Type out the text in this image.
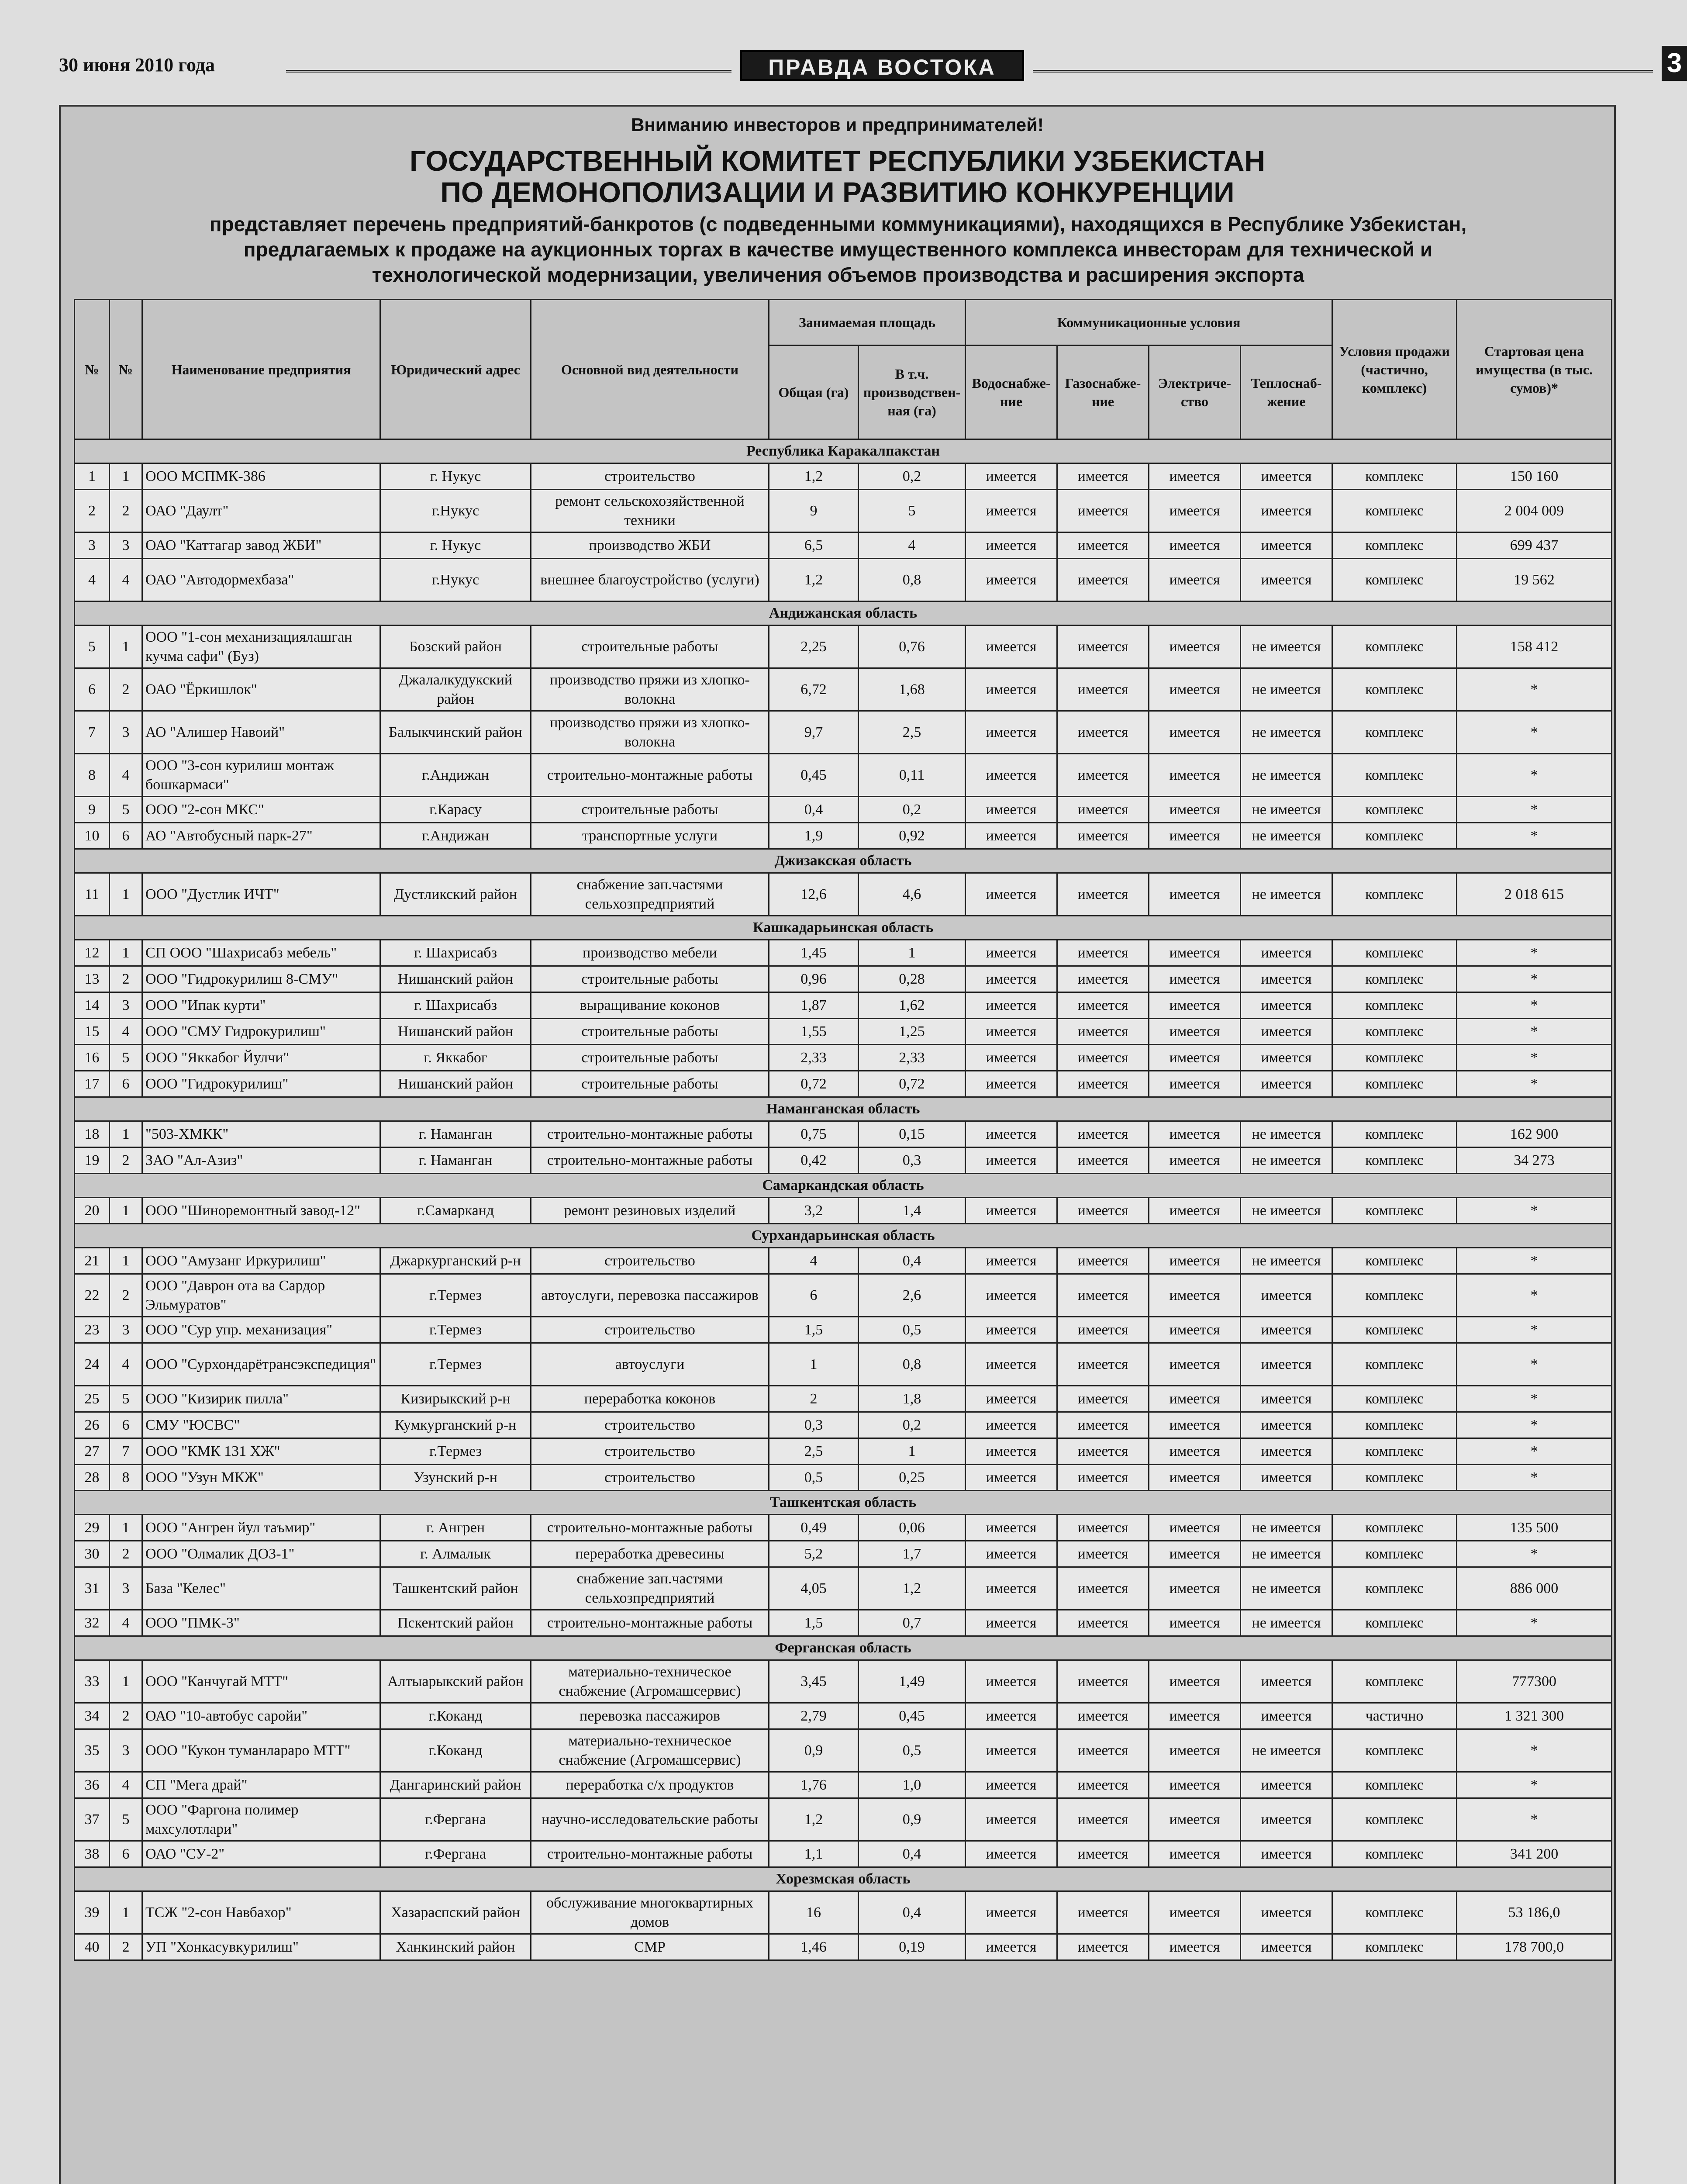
30 июня 2010 года	ПРАВДА ВОСТОКА	3
Вниманию инвесторов и предпринимателей!
ГОСУДАРСТВЕННЫЙ КОМИТЕТ РЕСПУБЛИКИ УЗБЕКИСТАН
ПО ДЕМОНОПОЛИЗАЦИИ И РАЗВИТИЮ КОНКУРЕНЦИИ
представляет перечень предприятий-банкротов (с подведенными коммуникациями), находящихся в Республике Узбекистан, предлагаемых к продаже на аукционных торгах в качестве имущественного комплекса инвесторам для технической и технологической модернизации, увеличения объемов производства и расширения экспорта
№	№	Наименование предприятия	Юридический адрес	Основной вид деятельности	Занимаемая площадь		Коммуникационные условия				Условия продажи (частично, комплекс)	Стартовая цена имущества (в тыс. сумов)*
					Общая (га)	В т.ч. производствен-ная (га)	Водоснабже-ние	Газоснабже-ние	Электриче-ство	Теплоснаб-жение		
Республика Каракалпакстан												
1	1	ООО МСПМК-386	г. Нукус	строительство	1,2	0,2	имеется	имеется	имеется	имеется	комплекс	150 160
2	2	ОАО "Даулт"	г.Нукус	ремонт сельскохозяйственной техники	9	5	имеется	имеется	имеется	имеется	комплекс	2 004 009
3	3	ОАО "Каттагар завод ЖБИ"	г. Нукус	производство ЖБИ	6,5	4	имеется	имеется	имеется	имеется	комплекс	699 437
4	4	ОАО "Автодормехбаза"	г.Нукус	внешнее благоустройство (услуги)	1,2	0,8	имеется	имеется	имеется	имеется	комплекс	19 562
Андижанская область												
5	1	ООО "1-сон механизациялашган кучма сафи" (Буз)	Бозский район	строительные работы	2,25	0,76	имеется	имеется	имеется	не имеется	комплекс	158 412
6	2	ОАО "Ёркишлок"	Джалалкудукский район	производство пряжи из хлопко-волокна	6,72	1,68	имеется	имеется	имеется	не имеется	комплекс	*
7	3	АО "Алишер Навоий"	Балыкчинский район	производство пряжи из хлопко-волокна	9,7	2,5	имеется	имеется	имеется	не имеется	комплекс	*
8	4	ООО "3-сон курилиш монтаж бошкармаси"	г.Андижан	строительно-монтажные работы	0,45	0,11	имеется	имеется	имеется	не имеется	комплекс	*
9	5	ООО "2-сон МКС"	г.Карасу	строительные работы	0,4	0,2	имеется	имеется	имеется	не имеется	комплекс	*
10	6	АО "Автобусный парк-27"	г.Андижан	транспортные услуги	1,9	0,92	имеется	имеется	имеется	не имеется	комплекс	*
Джизакская область												
11	1	ООО "Дустлик ИЧТ"	Дустликский район	снабжение зап.частями сельхозпредприятий	12,6	4,6	имеется	имеется	имеется	не имеется	комплекс	2 018 615
Кашкадарьинская область												
12	1	СП ООО "Шахрисабз мебель"	г. Шахрисабз	производство мебели	1,45	1	имеется	имеется	имеется	имеется	комплекс	*
13	2	ООО "Гидрокурилиш 8-СМУ"	Нишанский район	строительные работы	0,96	0,28	имеется	имеется	имеется	имеется	комплекс	*
14	3	ООО "Ипак курти"	г. Шахрисабз	выращивание коконов	1,87	1,62	имеется	имеется	имеется	имеется	комплекс	*
15	4	ООО "СМУ Гидрокурилиш"	Нишанский район	строительные работы	1,55	1,25	имеется	имеется	имеется	имеется	комплекс	*
16	5	ООО "Яккабог Йулчи"	г. Яккабог	строительные работы	2,33	2,33	имеется	имеется	имеется	имеется	комплекс	*
17	6	ООО "Гидрокурилиш"	Нишанский район	строительные работы	0,72	0,72	имеется	имеется	имеется	имеется	комплекс	*
Наманганская область												
18	1	"503-ХМКК"	г. Наманган	строительно-монтажные работы	0,75	0,15	имеется	имеется	имеется	не имеется	комплекс	162 900
19	2	ЗАО "Ал-Азиз"	г. Наманган	строительно-монтажные работы	0,42	0,3	имеется	имеется	имеется	не имеется	комплекс	34 273
Самаркандская область												
20	1	ООО "Шиноремонтный завод-12"	г.Самарканд	ремонт резиновых изделий	3,2	1,4	имеется	имеется	имеется	не имеется	комплекс	*
Сурхандарьинская область												
21	1	ООО "Амузанг Иркурилиш"	Джаркурганский р-н	строительство	4	0,4	имеется	имеется	имеется	не имеется	комплекс	*
22	2	ООО "Даврон ота ва Сардор Эльмуратов"	г.Термез	автоуслуги, перевозка пассажиров	6	2,6	имеется	имеется	имеется	имеется	комплекс	*
23	3	ООО "Сур упр. механизация"	г.Термез	строительство	1,5	0,5	имеется	имеется	имеется	имеется	комплекс	*
24	4	ООО "Сурхондарётрансэкспедиция"	г.Термез	автоуслуги	1	0,8	имеется	имеется	имеется	имеется	комплекс	*
25	5	ООО "Кизирик пилла"	Кизирыкский р-н	переработка коконов	2	1,8	имеется	имеется	имеется	имеется	комплекс	*
26	6	СМУ "ЮСВС"	Кумкурганский р-н	строительство	0,3	0,2	имеется	имеется	имеется	имеется	комплекс	*
27	7	ООО "КМК 131 ХЖ"	г.Термез	строительство	2,5	1	имеется	имеется	имеется	имеется	комплекс	*
28	8	ООО "Узун МКЖ"	Узунский р-н	строительство	0,5	0,25	имеется	имеется	имеется	имеется	комплекс	*
Ташкентская область												
29	1	ООО "Ангрен йул таъмир"	г. Ангрен	строительно-монтажные работы	0,49	0,06	имеется	имеется	имеется	не имеется	комплекс	135 500
30	2	ООО "Олмалик ДОЗ-1"	г. Алмалык	переработка древесины	5,2	1,7	имеется	имеется	имеется	не имеется	комплекс	*
31	3	База "Келес"	Ташкентский район	снабжение зап.частями сельхозпредприятий	4,05	1,2	имеется	имеется	имеется	не имеется	комплекс	886 000
32	4	ООО "ПМК-3"	Пскентский район	строительно-монтажные работы	1,5	0,7	имеется	имеется	имеется	не имеется	комплекс	*
Ферганская область												
33	1	ООО "Канчугай МТТ"	Алтыарыкский район	материально-техническое снабжение (Агромашсервис)	3,45	1,49	имеется	имеется	имеется	имеется	комплекс	777300
34	2	ОАО "10-автобус саройи"	г.Коканд	перевозка пассажиров	2,79	0,45	имеется	имеется	имеется	имеется	частично	1 321 300
35	3	ООО "Кукон туманлараро МТТ"	г.Коканд	материально-техническое снабжение (Агромашсервис)	0,9	0,5	имеется	имеется	имеется	не имеется	комплекс	*
36	4	СП "Мега драй"	Дангаринский район	переработка с/х продуктов	1,76	1,0	имеется	имеется	имеется	имеется	комплекс	*
37	5	ООО "Фаргона полимер махсулотлари"	г.Фергана	научно-исследовательские работы	1,2	0,9	имеется	имеется	имеется	имеется	комплекс	*
38	6	ОАО "СУ-2"	г.Фергана	строительно-монтажные работы	1,1	0,4	имеется	имеется	имеется	имеется	комплекс	341 200
Хорезмская область												
39	1	ТСЖ "2-сон Навбахор"	Хазараспский район	обслуживание многоквартирных домов	16	0,4	имеется	имеется	имеется	имеется	комплекс	53 186,0
40	2	УП "Хонкасувкурилиш"	Ханкинский район	СМР	1,46	0,19	имеется	имеется	имеется	имеется	комплекс	178 700,0
